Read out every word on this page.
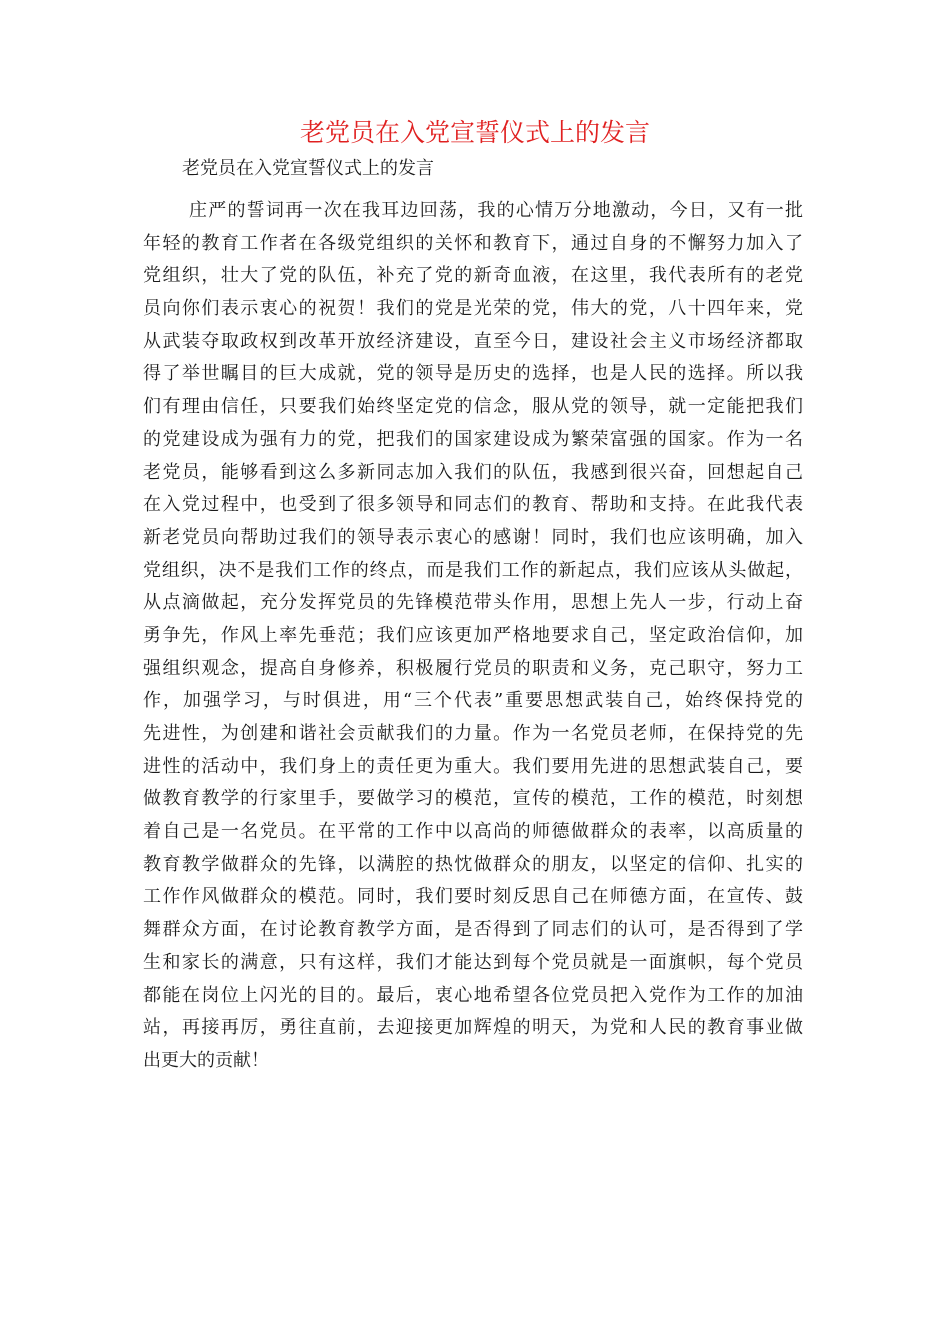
老党员在入党宣誓仪式上的发言

老党员在入党宣誓仪式上的发言

庄严的誓词再一次在我耳边回荡，我的心情万分地激动，今日，又有一批
年轻的教育工作者在各级党组织的关怀和教育下，通过自身的不懈努力加入了
党组织，壮大了党的队伍，补充了党的新奇血液，在这里，我代表所有的老党
员向你们表示衷心的祝贺！我们的党是光荣的党，伟大的党，八十四年来，党
从武装夺取政权到改革开放经济建设，直至今日，建设社会主义市场经济都取
得了举世瞩目的巨大成就，党的领导是历史的选择，也是人民的选择。所以我
们有理由信任，只要我们始终坚定党的信念，服从党的领导，就一定能把我们
的党建设成为强有力的党，把我们的国家建设成为繁荣富强的国家。作为一名
老党员，能够看到这么多新同志加入我们的队伍，我感到很兴奋，回想起自己
在入党过程中，也受到了很多领导和同志们的教育、帮助和支持。在此我代表
新老党员向帮助过我们的领导表示衷心的感谢！同时，我们也应该明确，加入
党组织，决不是我们工作的终点，而是我们工作的新起点，我们应该从头做起，
从点滴做起，充分发挥党员的先锋模范带头作用，思想上先人一步，行动上奋
勇争先，作风上率先垂范；我们应该更加严格地要求自己，坚定政治信仰，加
强组织观念，提高自身修养，积极履行党员的职责和义务，克己职守，努力工
作，加强学习，与时俱进，用“三个代表”重要思想武装自己，始终保持党的
先进性，为创建和谐社会贡献我们的力量。作为一名党员老师，在保持党的先
进性的活动中，我们身上的责任更为重大。我们要用先进的思想武装自己，要
做教育教学的行家里手，要做学习的模范，宣传的模范，工作的模范，时刻想
着自己是一名党员。在平常的工作中以高尚的师德做群众的表率，以高质量的
教育教学做群众的先锋，以满腔的热忱做群众的朋友，以坚定的信仰、扎实的
工作作风做群众的模范。同时，我们要时刻反思自己在师德方面，在宣传、鼓
舞群众方面，在讨论教育教学方面，是否得到了同志们的认可，是否得到了学
生和家长的满意，只有这样，我们才能达到每个党员就是一面旗帜，每个党员
都能在岗位上闪光的目的。最后，衷心地希望各位党员把入党作为工作的加油
站，再接再厉，勇往直前，去迎接更加辉煌的明天，为党和人民的教育事业做
出更大的贡献！
